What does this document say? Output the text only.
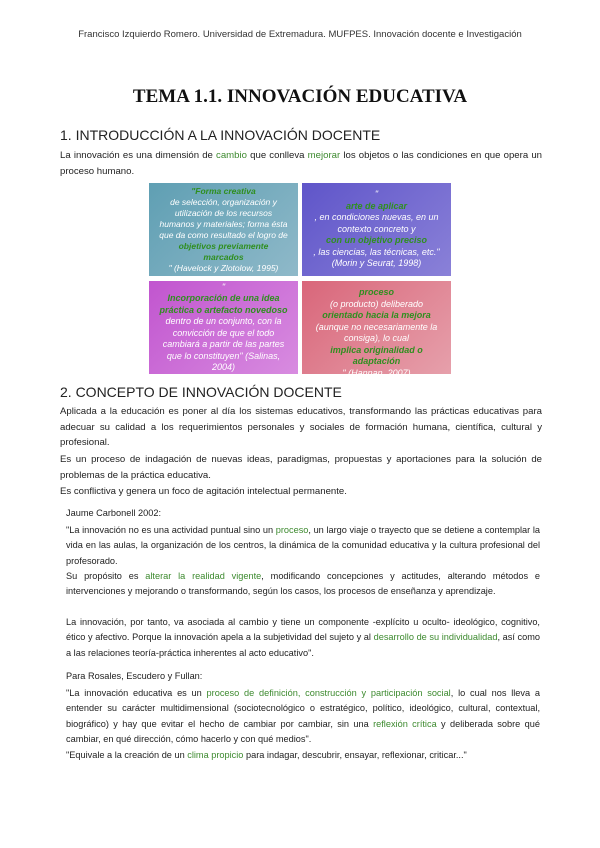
Francisco Izquierdo Romero. Universidad de Extremadura. MUFPES. Innovación docente e Investigación
TEMA 1.1. INNOVACIÓN EDUCATIVA
1. INTRODUCCIÓN A LA INNOVACIÓN DOCENTE
La innovación es una dimensión de cambio que conlleva mejorar los objetos o las condiciones en que opera un proceso humano.
"Forma creativa
de selección, organización y utilización de los recursos humanos y materiales; forma ésta que da como resultado el logro de
objetivos previamente marcados
" (Havelock y Zlotolow, 1995)
"
arte de aplicar
, en condiciones nuevas, en un contexto concreto y
con un objetivo preciso
, las ciencias, las técnicas, etc." (Morin y Seurat, 1998)
"
Incorporación de una idea práctica o artefacto novedoso
dentro de un conjunto, con la convicción de que el todo cambiará a partir de las partes que lo constituyen" (Salinas, 2004)
"
proceso
(o producto) deliberado
orientado hacia la mejora
(aunque no necesariamente la consiga), lo cual
implica originalidad o adaptación
" (Hannan, 2007)
2. CONCEPTO DE INNOVACIÓN DOCENTE
Aplicada a la educación es poner al día los sistemas educativos, transformando las prácticas educativas para adecuar su calidad a los requerimientos personales y sociales de formación humana, científica, cultural y profesional.
Es un proceso de indagación de nuevas ideas, paradigmas, propuestas y aportaciones para la solución de problemas de la práctica educativa.
Es conflictiva y genera un foco de agitación intelectual permanente.
Jaume Carbonell 2002:
"La innovación no es una actividad puntual sino un proceso, un largo viaje o trayecto que se detiene a contemplar la vida en las aulas, la organización de los centros, la dinámica de la comunidad educativa y la cultura profesional del profesorado.
Su propósito es alterar la realidad vigente, modificando concepciones y actitudes, alterando métodos e intervenciones y mejorando o transformando, según los casos, los procesos de enseñanza y aprendizaje.
La innovación, por tanto, va asociada al cambio y tiene un componente -explícito u oculto- ideológico, cognitivo, ético y afectivo. Porque la innovación apela a la subjetividad del sujeto y al desarrollo de su individualidad, así como a las relaciones teoría-práctica inherentes al acto educativo".
Para Rosales, Escudero y Fullan:
"La innovación educativa es un proceso de definición, construcción y participación social, lo cual nos lleva a entender su carácter multidimensional (sociotecnológico o estratégico, político, ideológico, cultural, contextual, biográfico) y hay que evitar el hecho de cambiar por cambiar, sin una reflexión crítica y deliberada sobre qué cambiar, en qué dirección, cómo hacerlo y con qué medios".
"Equivale a la creación de un clima propicio para indagar, descubrir, ensayar, reflexionar, criticar..."
